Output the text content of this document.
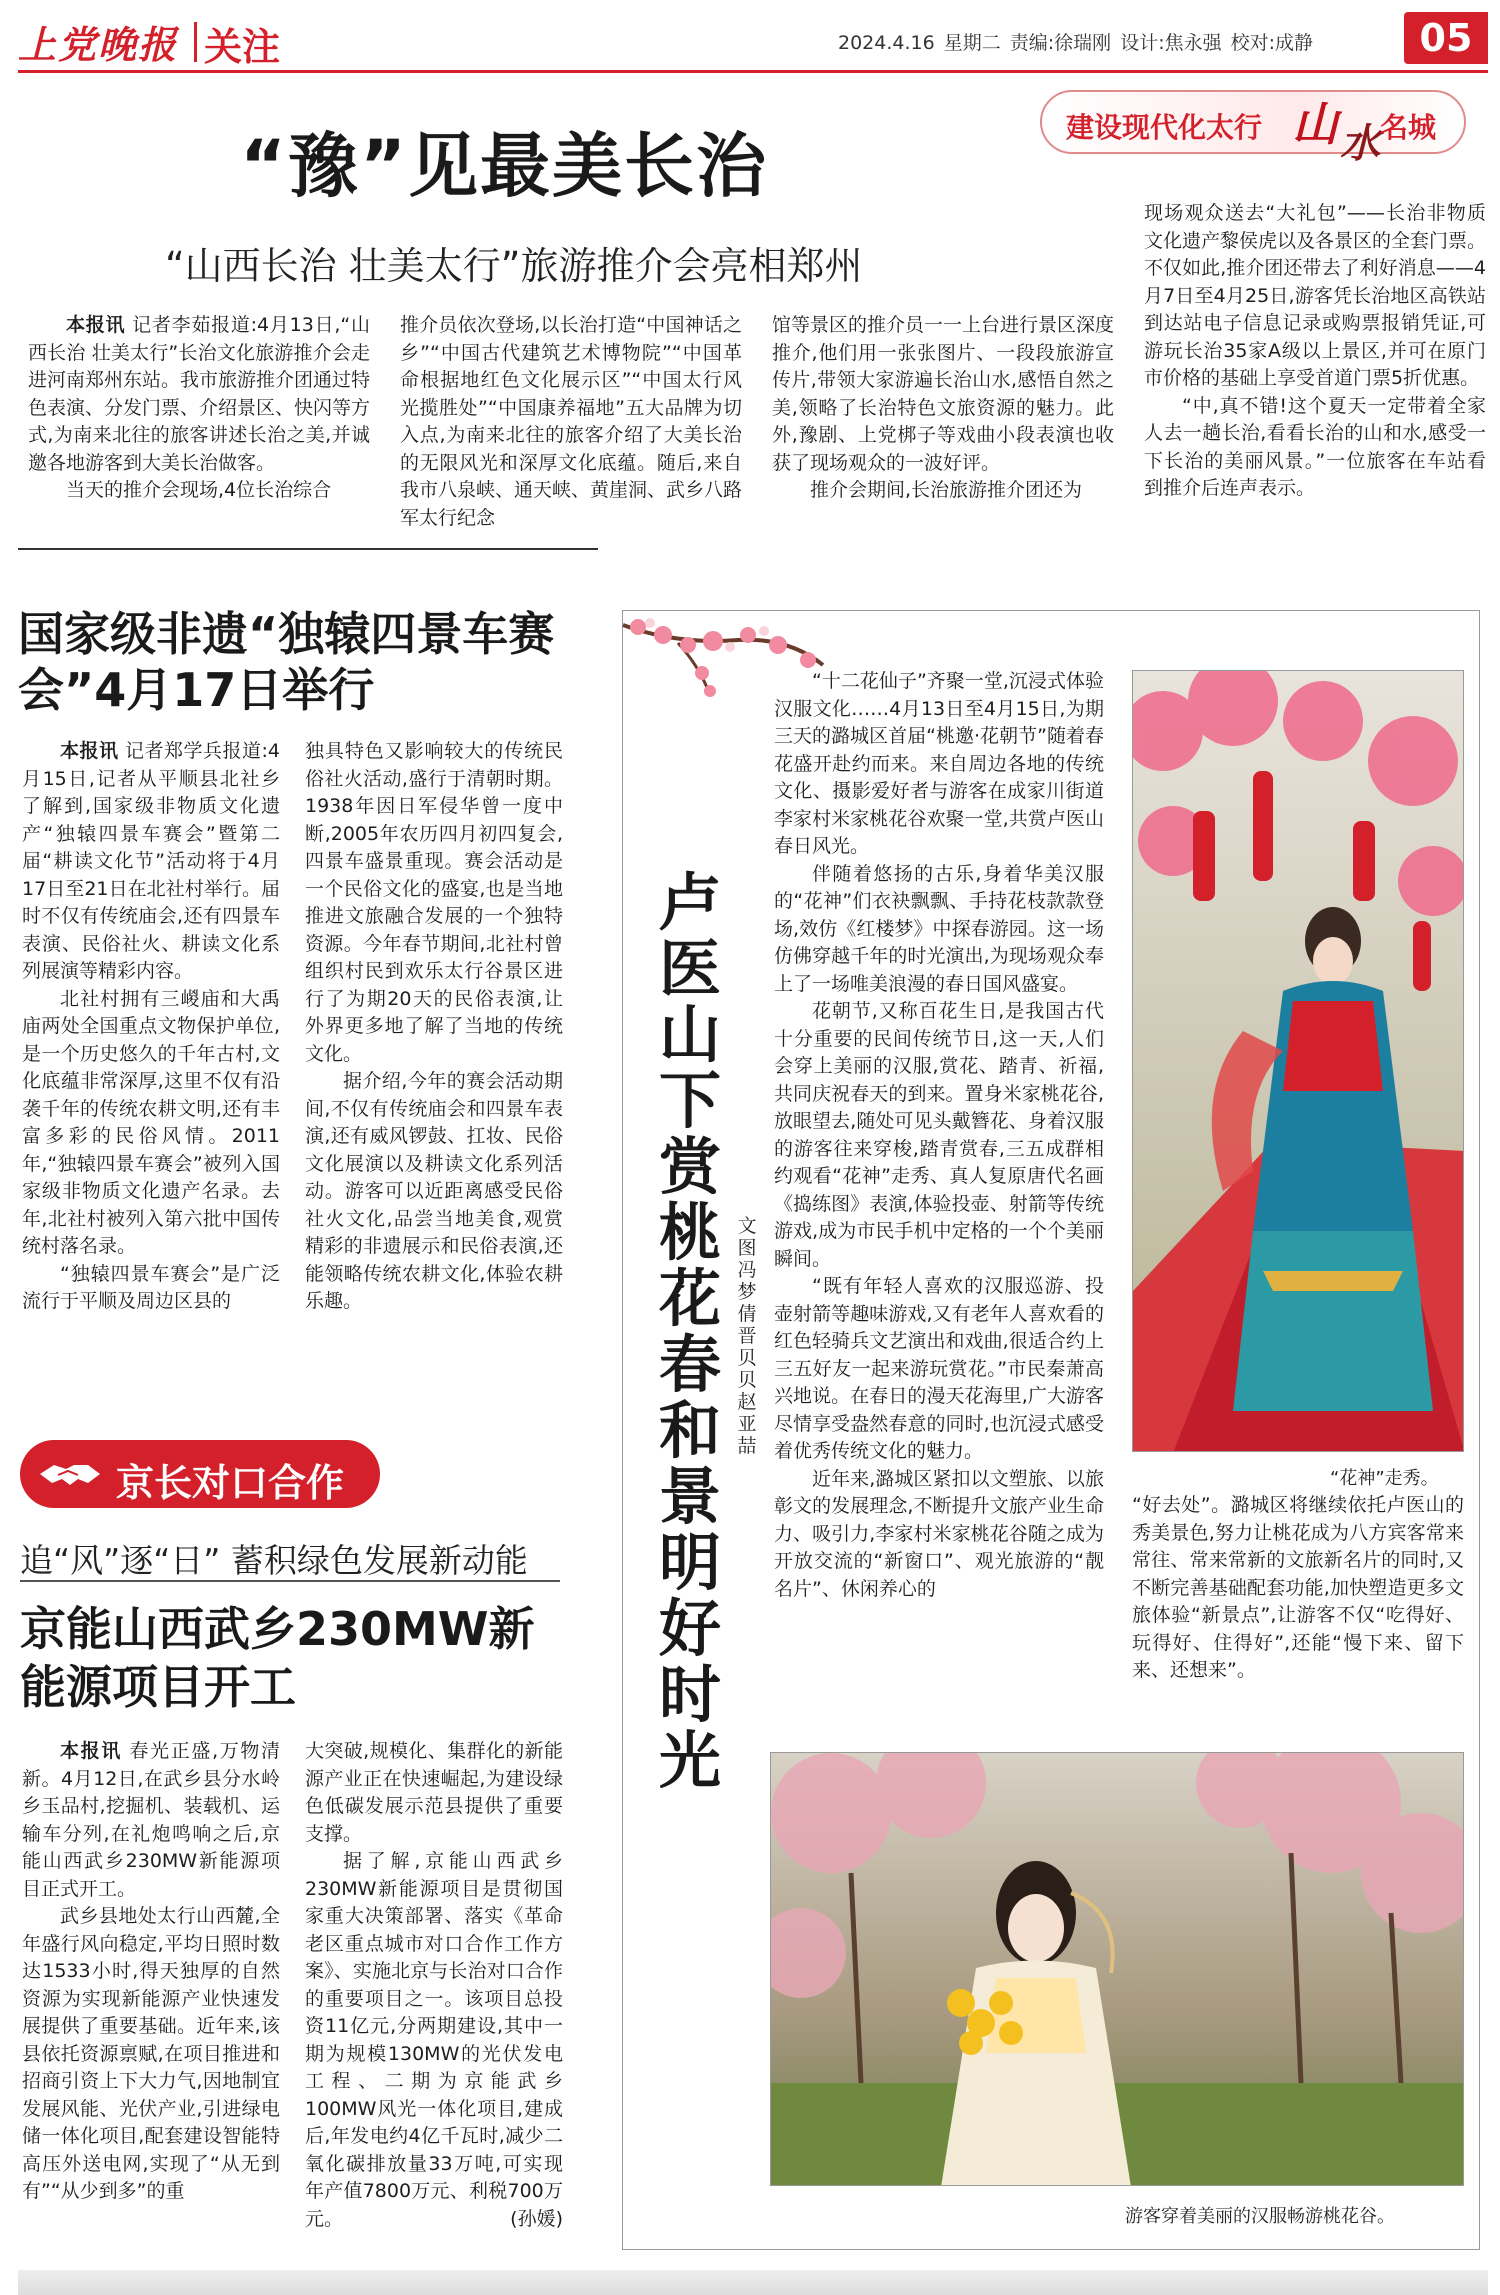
上党晚报 关注	2024.4.16 星期二 责编:徐瑞刚 设计:焦永强 校对:成静	05
建设现代化太行 山 水 名城
“豫”见最美长治
“山西长治 壮美太行”旅游推介会亮相郑州

本报讯 记者李茹报道:4月13日,“山西长治 壮美太行”长治文化旅游推介会走进河南郑州东站。我市旅游推介团通过特色表演、分发门票、介绍景区、快闪等方式,为南来北往的旅客讲述长治之美,并诚邀各地游客到大美长治做客。

当天的推介会现场,4位长治综合

推介员依次登场,以长治打造“中国神话之乡”“中国古代建筑艺术博物院”“中国革命根据地红色文化展示区”“中国太行风光揽胜处”“中国康养福地”五大品牌为切入点,为南来北往的旅客介绍了大美长治的无限风光和深厚文化底蕴。随后,来自我市八泉峡、通天峡、黄崖洞、武乡八路军太行纪念

馆等景区的推介员一一上台进行景区深度推介,他们用一张张图片、一段段旅游宣传片,带领大家游遍长治山水,感悟自然之美,领略了长治特色文旅资源的魅力。此外,豫剧、上党梆子等戏曲小段表演也收获了现场观众的一波好评。

推介会期间,长治旅游推介团还为

现场观众送去“大礼包”——长治非物质文化遗产黎侯虎以及各景区的全套门票。不仅如此,推介团还带去了利好消息——4月7日至4月25日,游客凭长治地区高铁站到达站电子信息记录或购票报销凭证,可游玩长治35家A级以上景区,并可在原门市价格的基础上享受首道门票5折优惠。

“中,真不错!这个夏天一定带着全家人去一趟长治,看看长治的山和水,感受一下长治的美丽风景。”一位旅客在车站看到推介后连声表示。

国家级非遗“独辕四景车赛会”4月17日举行

本报讯 记者郑学兵报道:4月15日,记者从平顺县北社乡了解到,国家级非物质文化遗产“独辕四景车赛会”暨第二届“耕读文化节”活动将于4月17日至21日在北社村举行。届时不仅有传统庙会,还有四景车表演、民俗社火、耕读文化系列展演等精彩内容。

北社村拥有三嵕庙和大禹庙两处全国重点文物保护单位,是一个历史悠久的千年古村,文化底蕴非常深厚,这里不仅有沿袭千年的传统农耕文明,还有丰富多彩的民俗风情。2011年,“独辕四景车赛会”被列入国家级非物质文化遗产名录。去年,北社村被列入第六批中国传统村落名录。

“独辕四景车赛会”是广泛流行于平顺及周边区县的

独具特色又影响较大的传统民俗社火活动,盛行于清朝时期。1938年因日军侵华曾一度中断,2005年农历四月初四复会,四景车盛景重现。赛会活动是一个民俗文化的盛宴,也是当地推进文旅融合发展的一个独特资源。今年春节期间,北社村曾组织村民到欢乐太行谷景区进行了为期20天的民俗表演,让外界更多地了解了当地的传统文化。

据介绍,今年的赛会活动期间,不仅有传统庙会和四景车表演,还有威风锣鼓、扛妆、民俗文化展演以及耕读文化系列活动。游客可以近距离感受民俗社火文化,品尝当地美食,观赏精彩的非遗展示和民俗表演,还能领略传统农耕文化,体验农耕乐趣。

京长对口合作
追“风”逐“日” 蓄积绿色发展新动能
京能山西武乡230MW新能源项目开工

本报讯 春光正盛,万物清新。4月12日,在武乡县分水岭乡玉品村,挖掘机、装载机、运输车分列,在礼炮鸣响之后,京能山西武乡230MW新能源项目正式开工。

武乡县地处太行山西麓,全年盛行风向稳定,平均日照时数达1533小时,得天独厚的自然资源为实现新能源产业快速发展提供了重要基础。近年来,该县依托资源禀赋,在项目推进和招商引资上下大力气,因地制宜发展风能、光伏产业,引进绿电储一体化项目,配套建设智能特高压外送电网,实现了“从无到有”“从少到多”的重

大突破,规模化、集群化的新能源产业正在快速崛起,为建设绿色低碳发展示范县提供了重要支撑。

据了解,京能山西武乡230MW新能源项目是贯彻国家重大决策部署、落实《革命老区重点城市对口合作工作方案》、实施北京与长治对口合作的重要项目之一。该项目总投资11亿元,分两期建设,其中一期为规模130MW的光伏发电工程、二期为京能武乡100MW风光一体化项目,建成后,年发电约4亿千瓦时,减少二氧化碳排放量33万吨,可实现年产值7800万元、利税700万元。	(孙媛)

卢医山下赏桃花 春和景明好时光
文图 冯梦倩 晋贝贝 赵亚喆

“十二花仙子”齐聚一堂,沉浸式体验汉服文化……4月13日至4月15日,为期三天的潞城区首届“桃邀·花朝节”随着春花盛开赴约而来。来自周边各地的传统文化、摄影爱好者与游客在成家川街道李家村米家桃花谷欢聚一堂,共赏卢医山春日风光。

伴随着悠扬的古乐,身着华美汉服的“花神”们衣袂飘飘、手持花枝款款登场,效仿《红楼梦》中探春游园。这一场仿佛穿越千年的时光演出,为现场观众奉上了一场唯美浪漫的春日国风盛宴。

花朝节,又称百花生日,是我国古代十分重要的民间传统节日,这一天,人们会穿上美丽的汉服,赏花、踏青、祈福,共同庆祝春天的到来。置身米家桃花谷,放眼望去,随处可见头戴簪花、身着汉服的游客往来穿梭,踏青赏春,三五成群相约观看“花神”走秀、真人复原唐代名画《捣练图》表演,体验投壶、射箭等传统游戏,成为市民手机中定格的一个个美丽瞬间。

“既有年轻人喜欢的汉服巡游、投壶射箭等趣味游戏,又有老年人喜欢看的红色轻骑兵文艺演出和戏曲,很适合约上三五好友一起来游玩赏花。”市民秦萧高兴地说。在春日的漫天花海里,广大游客尽情享受盎然春意的同时,也沉浸式感受着优秀传统文化的魅力。

近年来,潞城区紧扣以文塑旅、以旅彰文的发展理念,不断提升文旅产业生命力、吸引力,李家村米家桃花谷随之成为开放交流的“新窗口”、观光旅游的“靓名片”、休闲养心的

“好去处”。潞城区将继续依托卢医山的秀美景色,努力让桃花成为八方宾客常来常往、常来常新的文旅新名片的同时,又不断完善基础配套功能,加快塑造更多文旅体验“新景点”,让游客不仅“吃得好、玩得好、住得好”,还能“慢下来、留下来、还想来”。

“花神”走秀。
游客穿着美丽的汉服畅游桃花谷。
